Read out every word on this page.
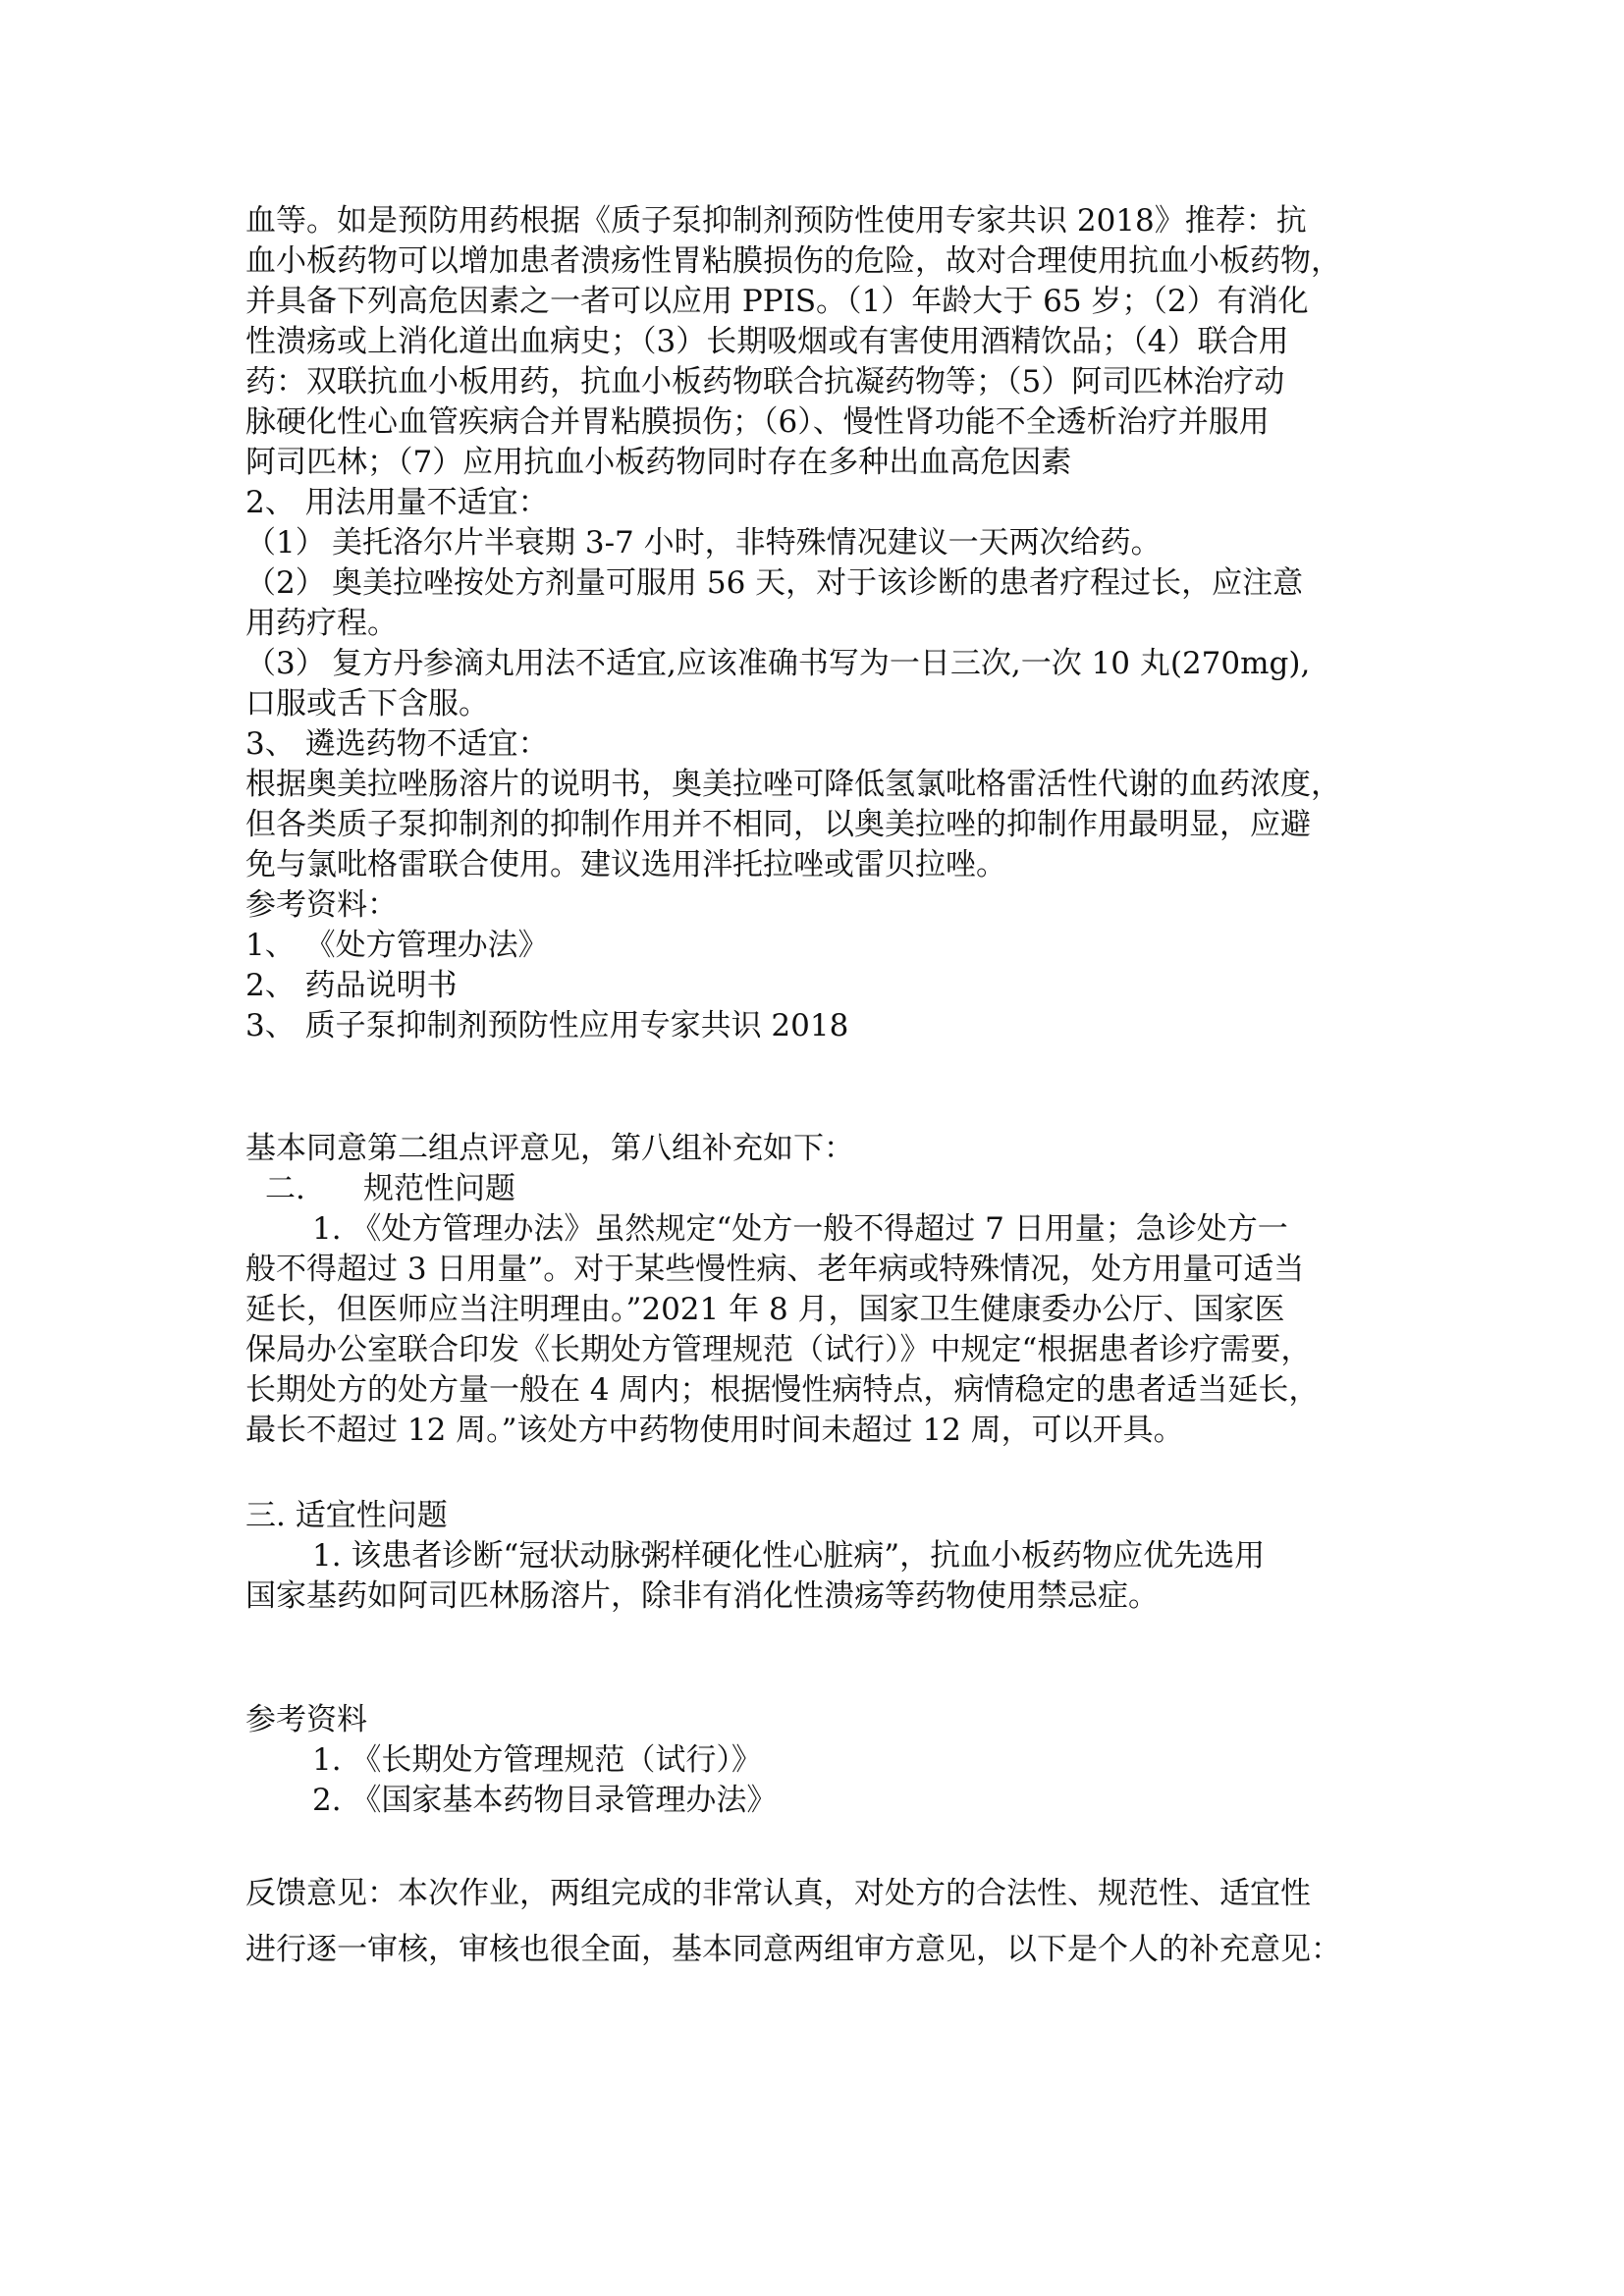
血等。如是预防用药根据《质子泵抑制剂预防性使用专家共识 2018》推荐：抗
血小板药物可以增加患者溃疡性胃粘膜损伤的危险，故对合理使用抗血小板药物，
并具备下列高危因素之一者可以应用 PPIS。（1）年龄大于 65 岁；（2）有消化
性溃疡或上消化道出血病史；（3）长期吸烟或有害使用酒精饮品；（4）联合用
药：双联抗血小板用药，抗血小板药物联合抗凝药物等；（5）阿司匹林治疗动
脉硬化性心血管疾病合并胃粘膜损伤；（6）、慢性肾功能不全透析治疗并服用
阿司匹林；（7）应用抗血小板药物同时存在多种出血高危因素
2、 用法用量不适宜：
（1） 美托洛尔片半衰期 3-7 小时，非特殊情况建议一天两次给药。
（2） 奥美拉唑按处方剂量可服用 56 天，对于该诊断的患者疗程过长，应注意
用药疗程。
（3） 复方丹参滴丸用法不适宜,应该准确书写为一日三次,一次 10 丸(270mg),
口服或舌下含服。
3、 遴选药物不适宜：
根据奥美拉唑肠溶片的说明书，奥美拉唑可降低氢氯吡格雷活性代谢的血药浓度，
但各类质子泵抑制剂的抑制作用并不相同，以奥美拉唑的抑制作用最明显，应避
免与氯吡格雷联合使用。建议选用泮托拉唑或雷贝拉唑。
参考资料：
1、 《处方管理办法》
2、 药品说明书
3、 质子泵抑制剂预防性应用专家共识 2018
基本同意第二组点评意见，第八组补充如下：
二. 规范性问题
1. 《处方管理办法》虽然规定“处方一般不得超过 7 日用量；急诊处方一
般不得超过 3 日用量”。对于某些慢性病、老年病或特殊情况，处方用量可适当
延长，但医师应当注明理由。”2021 年 8 月，国家卫生健康委办公厅、国家医
保局办公室联合印发《长期处方管理规范（试行）》中规定“根据患者诊疗需要，
长期处方的处方量一般在 4 周内；根据慢性病特点，病情稳定的患者适当延长，
最长不超过 12 周。”该处方中药物使用时间未超过 12 周，可以开具。
三. 适宜性问题
1. 该患者诊断“冠状动脉粥样硬化性心脏病”，抗血小板药物应优先选用
国家基药如阿司匹林肠溶片，除非有消化性溃疡等药物使用禁忌症。
参考资料
1. 《长期处方管理规范（试行）》
2. 《国家基本药物目录管理办法》
反馈意见：本次作业，两组完成的非常认真，对处方的合法性、规范性、适宜性
进行逐一审核，审核也很全面，基本同意两组审方意见，以下是个人的补充意见：
